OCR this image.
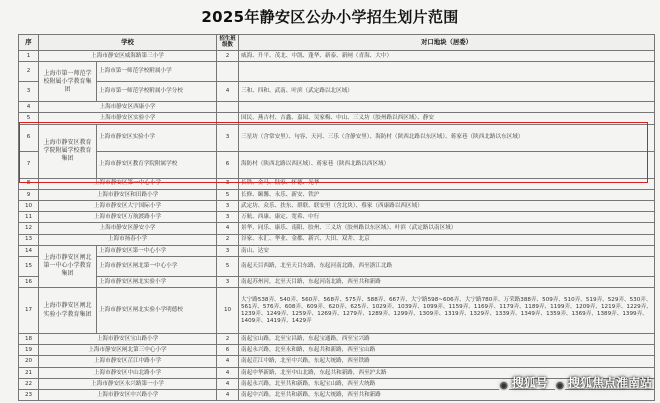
2025年静安区公办小学招生划片范围
序	学校		招生班级数	对口地块（居委）
1	上海市静安区威海路第三小学		2	威海、升平、茂北、中凯、蓬华、新泰、新闸（青海、大中）
2	上海市第一师范学校附属小学教育集团	上海市第一师范学校附属小学		
3		上海市第一师范学校附属小学分校	4	三和、四和、武南、叶滨（武定路以北区域）
4	上海市静安区西康小学			
5	上海市静安区实验小学			国民、燕吉村、吉鑫、嘉园、吴家梅、中山、三义坊（胶州路以西区域）、静安
6	上海市静安区教育学院附属学校教育集团	上海市静安区实验小学	3	三星坊（含常安里）、句容、天河、三乐（含静安里）、海防村（陕西北路以东区域）、蒋家巷（陕西北路以东区域）
7		上海市静安区教育学院附属学校	6	海防村（陕西北路以西区域）、蒋家巷（陕西北路以西区域）
8	上海市静安区第一中心小学		3	长铁、金马、陆家、怀德、光华
9	上海市静安区和田路小学		5	长修、颐馨、永乐、新安、铁沪
10	上海市静安区大宁国际小学		3	武定坊、众乐、扶东、群联、联安里（含北块）、蔡家（西康路以西区域）
11	上海市静安区万航渡路小学		3	万航、西康、康定、宽希、中行
12	上海市静安区静安小学		4	景华、同乐、康乐、南阳、胶州、三义坊（胶州路以东区域）、叶滨（武定路以南区域）
13	上海市扬春小学		2	谷家、永汇、华业、金都、新兴、大田、双井、北京
14	上海市静安区闸北第一中心小学教育集团	上海市静安区第一中心小学	3	南山、达安
15		上海市静安区闸北第一中心小学	5	南起天目西路，北至天目东路，东起河南北路，西至浙江北路
16		上海市静安区闸北实验小学	3	南起苏州河，北至天目路，东起河南北路，西至共和新路
17	上海市静安区闸北实验小学教育集团	上海市静安区闸北实验小学明德校	10	大宁路538弄、540弄、560弄、568弄、575弄、588弄、667弄、大宁路598~606弄、大宁路780弄、万荣路388弄、509弄、510弄、519弄、529弄、530弄、561弄、576弄、608弄、609弄、620弄、625弄、1029弄、1039弄、1099弄、1159弄、1169弄、1179弄、1189弄、1199弄、1209弄、1219弄、1229弄、1239弄、1249弄、1259弄、1269弄、1279弄、1289弄、1299弄、1309弄、1319弄、1329弄、1339弄、1349弄、1359弄、1369弄、1389弄、1399弄、1409弄、1419弄、1429弄
18	上海市静安区宝山路小学		2	南起宝山路，北至宝昌路，东起宝通路，西至宝兴路
19	上海市静安区闸北第三中心小学		6	南起永兴路，北至永和路，东起共和新路，西至宝山路
20	上海市静安区芷江中路小学		4	南起芷江中路，北至中兴路，东起大统路，西至铁路
21	上海市静安区中山北路小学		4	南起中华新路，北至中山北路，东起共和新路，西至沪太路
22	上海市静安区永兴路第一小学		4	南起永兴路，北至共和新路，东起宝山路，西至大统路
23	上海市静安区中兴路小学		4	南起中兴路，北至共和新路，东起大统路，西至共和新路
◉ 搜狐号 ◉ 搜狐焦点淮南站
